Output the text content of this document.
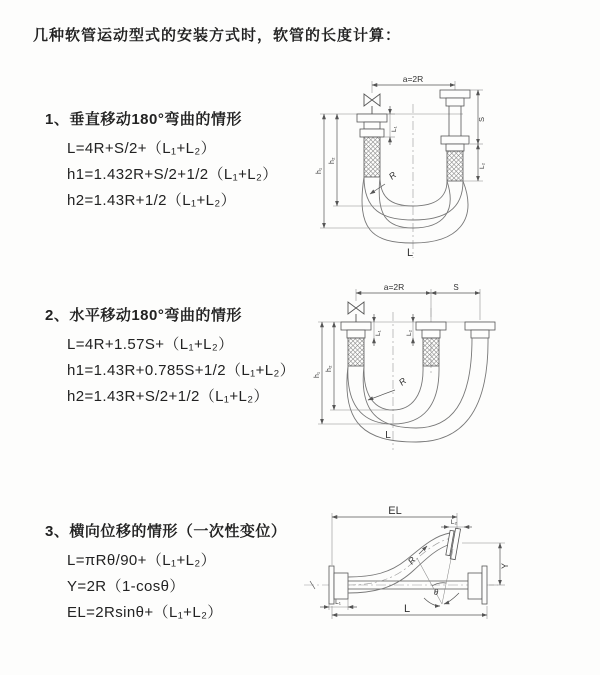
几种软管运动型式的安装方式时，软管的长度计算：
1、垂直移动180°弯曲的情形
L=4R+S/2+（L₁+L₂）
h1=1.432R+S/2+1/2（L₁+L₂）
h2=1.43R+1/2（L₁+L₂）
a=2R
h₁
h₂
L₁
S
L₂
R
L
2、水平移动180°弯曲的情形
L=4R+1.57S+（L₁+L₂）
h1=1.43R+0.785S+1/2（L₁+L₂）
h2=1.43R+S/2+1/2（L₁+L₂）
a=2R	S
h₁
h₂
L₁	L₂
R
L
3、横向位移的情形（一次性变位）
L=πRθ/90+（L₁+L₂）
Y=2R（1-cosθ）
EL=2Rsinθ+（L₁+L₂）
EL
L₂
θ
R	Y
L₁
L
